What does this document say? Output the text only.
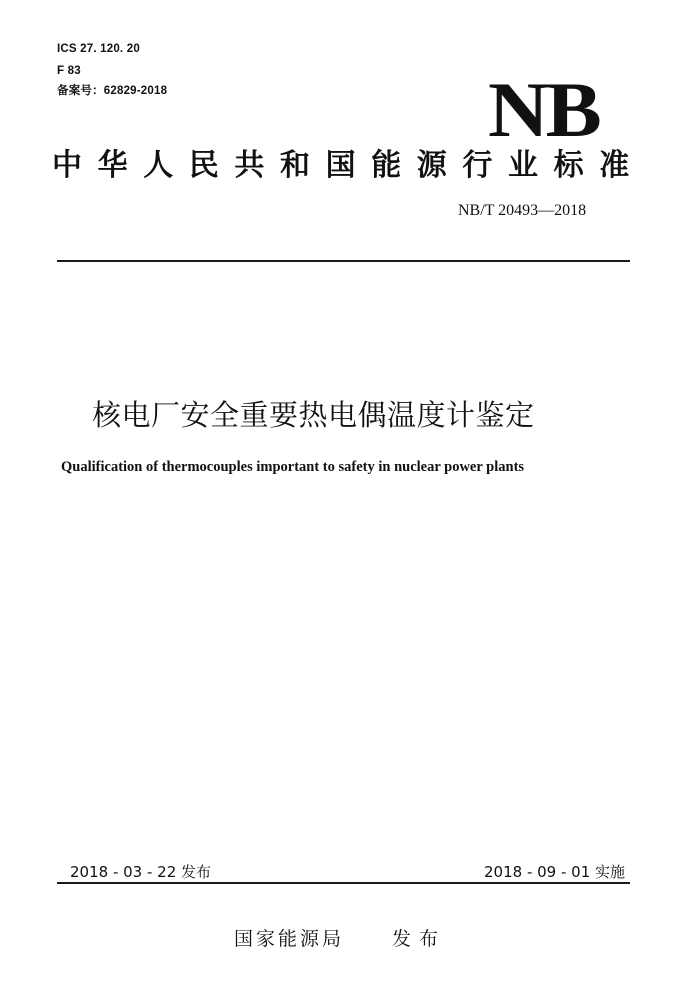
ICS 27. 120. 20
F 83
备案号：62829-2018	NB
中华人民共和国能源行业标准
NB/T 20493—2018
核电厂安全重要热电偶温度计鉴定
Qualification of thermocouples important to safety in nuclear power plants
2018 - 03 - 22 发布	2018 - 09 - 01 实施
国家能源局	发布
